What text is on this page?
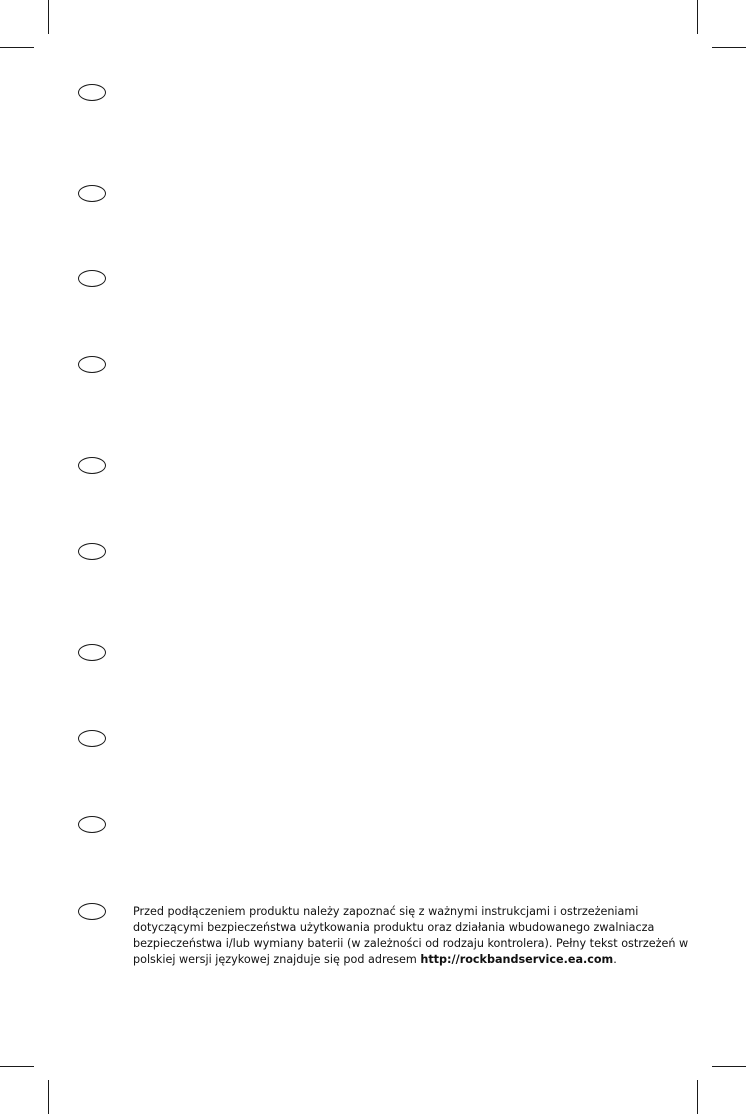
Przed podłączeniem produktu należy zapoznać się z ważnymi instrukcjami i ostrzeżeniami dotyczącymi bezpieczeństwa użytkowania produktu oraz działania wbudowanego zwalniacza bezpieczeństwa i/lub wymiany baterii (w zależności od rodzaju kontrolera). Pełny tekst ostrzeżeń w polskiej wersji językowej znajduje się pod adresem http://rockbandservice.ea.com.
